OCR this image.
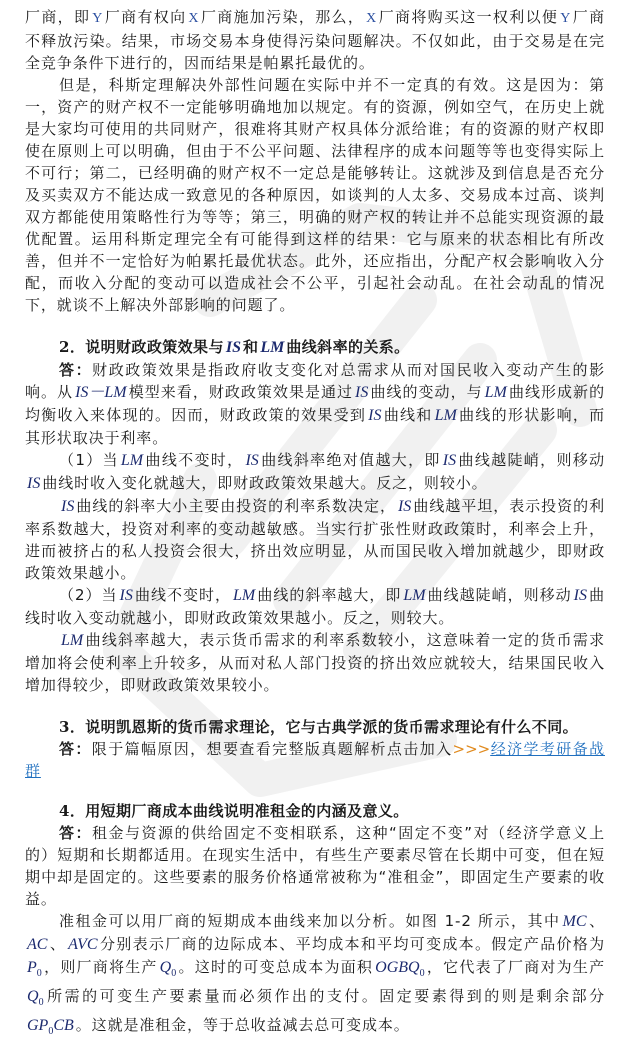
厂商，即 Y 厂商有权向 X 厂商施加污染，那么， X 厂商将购买这一权利以便 Y 厂商不释放污染。结果，市场交易本身使得污染问题解决。不仅如此，由于交易是在完全竞争条件下进行的，因而结果是帕累托最优的。

但是，科斯定理解决外部性问题在实际中并不一定真的有效。这是因为：第一，资产的财产权不一定能够明确地加以规定。有的资源，例如空气，在历史上就是大家均可使用的共同财产，很难将其财产权具体分派给谁；有的资源的财产权即使在原则上可以明确，但由于不公平问题、法律程序的成本问题等等也变得实际上不可行；第二，已经明确的财产权不一定总是能够转让。这就涉及到信息是否充分及买卖双方不能达成一致意见的各种原因，如谈判的人太多、交易成本过高、谈判双方都能使用策略性行为等等；第三，明确的财产权的转让并不总能实现资源的最优配置。运用科斯定理完全有可能得到这样的结果：它与原来的状态相比有所改善，但并不一定恰好为帕累托最优状态。此外，还应指出，分配产权会影响收入分配，而收入分配的变动可以造成社会不公平，引起社会动乱。在社会动乱的情况下，就谈不上解决外部影响的问题了。

2．说明财政政策效果与 IS 和 LM 曲线斜率的关系。

答：财政政策效果是指政府收支变化对总需求从而对国民收入变动产生的影响。从 IS－LM 模型来看，财政政策效果是通过 IS 曲线的变动，与 LM 曲线形成新的均衡收入来体现的。因而，财政政策的效果受到 IS 曲线和 LM 曲线的形状影响，而其形状取决于利率。

（1）当 LM 曲线不变时， IS 曲线斜率绝对值越大，即 IS 曲线越陡峭，则移动IS 曲线时收入变化就越大，即财政政策效果越大。反之，则较小。

IS 曲线的斜率大小主要由投资的利率系数决定， IS 曲线越平坦，表示投资的利率系数越大，投资对利率的变动越敏感。当实行扩张性财政政策时，利率会上升，进而被挤占的私人投资会很大，挤出效应明显，从而国民收入增加就越少，即财政政策效果越小。

（2）当 IS 曲线不变时， LM 曲线的斜率越大，即 LM 曲线越陡峭，则移动 IS 曲线时收入变动就越小，即财政政策效果越小。反之，则较大。

LM 曲线斜率越大，表示货币需求的利率系数较小，这意味着一定的货币需求增加将会使利率上升较多，从而对私人部门投资的挤出效应就较大，结果国民收入增加得较少，即财政政策效果较小。

3．说明凯恩斯的货币需求理论，它与古典学派的货币需求理论有什么不同。

答：限于篇幅原因，想要查看完整版真题解析点击加入>>>经济学考研备战群

4．用短期厂商成本曲线说明准租金的内涵及意义。

答：租金与资源的供给固定不变相联系，这种“固定不变”对（经济学意义上的）短期和长期都适用。在现实生活中，有些生产要素尽管在长期中可变，但在短期中却是固定的。这些要素的服务价格通常被称为“准租金”，即固定生产要素的收益。

准租金可以用厂商的短期成本曲线来加以分析。如图 1-2 所示，其中 MC 、AC 、 AVC 分别表示厂商的边际成本、平均成本和平均可变成本。假定产品价格为$P_0$ ，则厂商将生产 $Q_0$ 。这时的可变总成本为面积 $OGBQ_0$ ，它代表了厂商对为生产$Q_0$ 所需的可变生产要素量而必须作出的支付。固定要素得到的则是剩余部分$GP_0CB$ 。这就是准租金，等于总收益减去总可变成本。
